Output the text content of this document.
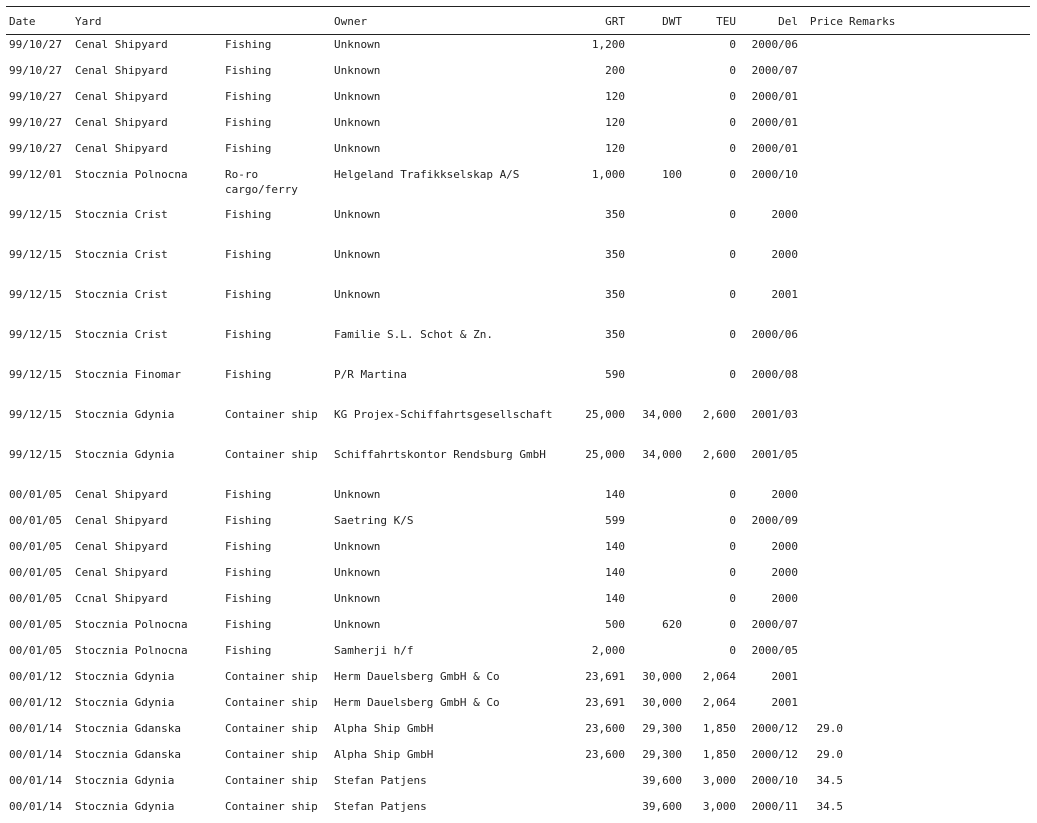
Date	Yard		Owner	GRT	DWT	TEU	Del	Price	Remarks
99/10/27	Cenal Shipyard	Fishing	Unknown	1,200		0	2000/06		
99/10/27	Cenal Shipyard	Fishing	Unknown	200		0	2000/07		
99/10/27	Cenal Shipyard	Fishing	Unknown	120		0	2000/01		
99/10/27	Cenal Shipyard	Fishing	Unknown	120		0	2000/01		
99/10/27	Cenal Shipyard	Fishing	Unknown	120		0	2000/01		
99/12/01	Stocznia Polnocna	Ro-ro cargo/ferry	Helgeland Trafikkselskap A/S	1,000	100	0	2000/10		
99/12/15	Stocznia Crist	Fishing	Unknown	350		0	2000		
99/12/15	Stocznia Crist	Fishing	Unknown	350		0	2000		
99/12/15	Stocznia Crist	Fishing	Unknown	350		0	2001		
99/12/15	Stocznia Crist	Fishing	Familie S.L. Schot & Zn.	350		0	2000/06		
99/12/15	Stocznia Finomar	Fishing	P/R Martina	590		0	2000/08		
99/12/15	Stocznia Gdynia	Container ship	KG Projex-Schiffahrtsgesellschaft	25,000	34,000	2,600	2001/03		
99/12/15	Stocznia Gdynia	Container ship	Schiffahrtskontor Rendsburg GmbH	25,000	34,000	2,600	2001/05		
00/01/05	Cenal Shipyard	Fishing	Unknown	140		0	2000		
00/01/05	Cenal Shipyard	Fishing	Saetring K/S	599		0	2000/09		
00/01/05	Cenal Shipyard	Fishing	Unknown	140		0	2000		
00/01/05	Cenal Shipyard	Fishing	Unknown	140		0	2000		
00/01/05	Ccnal Shipyard	Fishing	Unknown	140		0	2000		
00/01/05	Stocznia Polnocna	Fishing	Unknown	500	620	0	2000/07		
00/01/05	Stocznia Polnocna	Fishing	Samherji h/f	2,000		0	2000/05		
00/01/12	Stocznia Gdynia	Container ship	Herm Dauelsberg GmbH & Co	23,691	30,000	2,064	2001		
00/01/12	Stocznia Gdynia	Container ship	Herm Dauelsberg GmbH & Co	23,691	30,000	2,064	2001		
00/01/14	Stocznia Gdanska	Container ship	Alpha Ship GmbH	23,600	29,300	1,850	2000/12	29.0	
00/01/14	Stocznia Gdanska	Container ship	Alpha Ship GmbH	23,600	29,300	1,850	2000/12	29.0	
00/01/14	Stocznia Gdynia	Container ship	Stefan Patjens		39,600	3,000	2000/10	34.5	
00/01/14	Stocznia Gdynia	Container ship	Stefan Patjens		39,600	3,000	2000/11	34.5	
